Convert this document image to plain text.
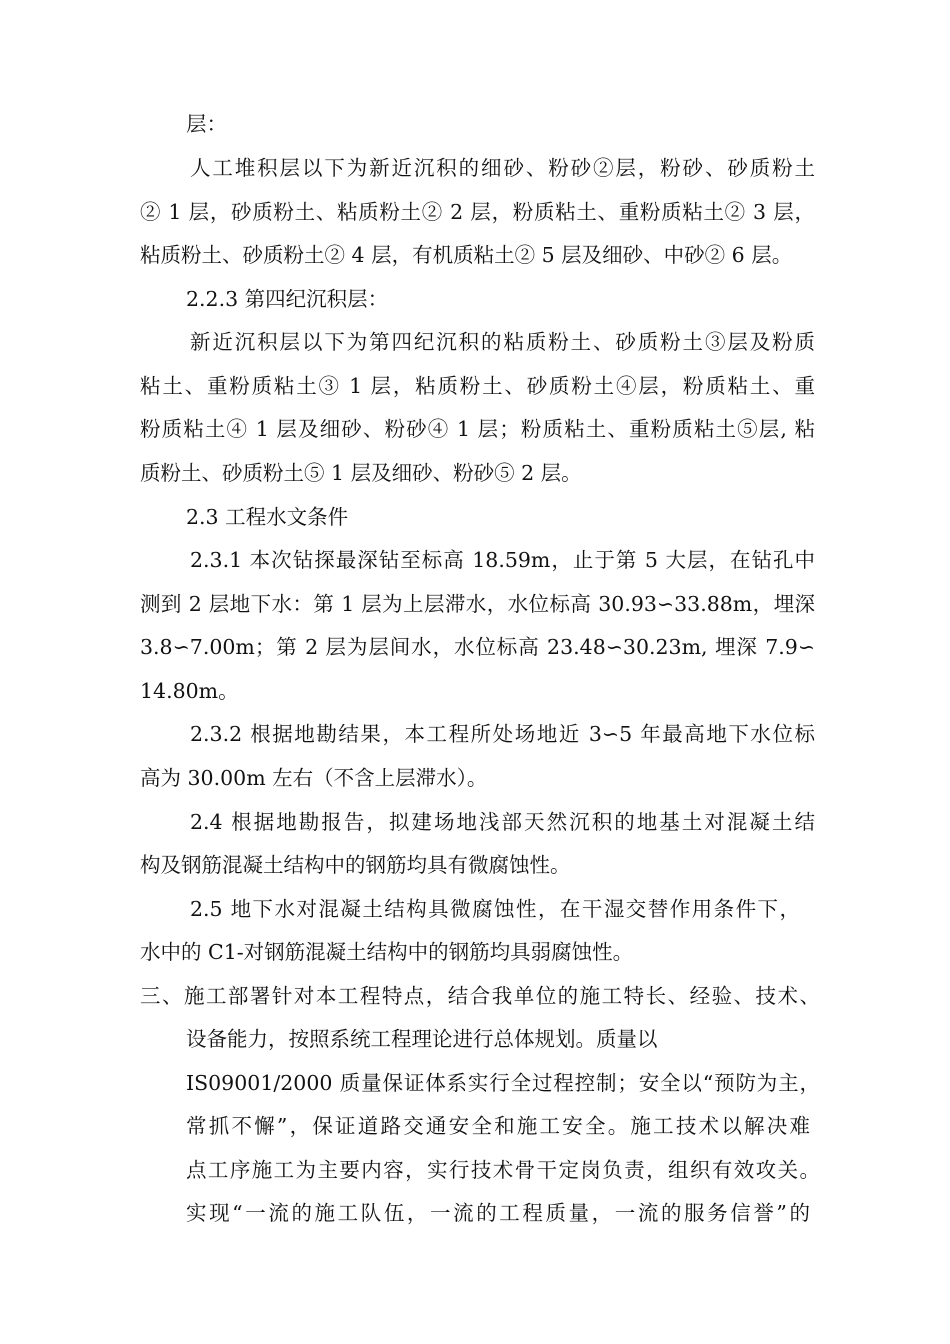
层：
人工堆积层以下为新近沉积的细砂、粉砂②层，粉砂、砂质粉土
② 1 层，砂质粉土、粘质粉土② 2 层，粉质粘土、重粉质粘土② 3 层，
粘质粉土、砂质粉土② 4 层，有机质粘土② 5 层及细砂、中砂② 6 层。
2.2.3 第四纪沉积层：
新近沉积层以下为第四纪沉积的粘质粉土、砂质粉土③层及粉质
粘土、重粉质粘土③ 1 层，粘质粉土、砂质粉土④层，粉质粘土、重
粉质粘土④ 1 层及细砂、粉砂④ 1 层；粉质粘土、重粉质粘土⑤层, 粘
质粉土、砂质粉土⑤ 1 层及细砂、粉砂⑤ 2 层。
2.3 工程水文条件
2.3.1 本次钻探最深钻至标高 18.59m，止于第 5 大层，在钻孔中
测到 2 层地下水：第 1 层为上层滞水，水位标高 30.93∽33.88m，埋深
3.8∽7.00m；第 2 层为层间水，水位标高 23.48∽30.23m, 埋深 7.9∽
14.80m。
2.3.2 根据地勘结果，本工程所处场地近 3∽5 年最高地下水位标
高为 30.00m 左右（不含上层滞水）。
2.4 根据地勘报告，拟建场地浅部天然沉积的地基土对混凝土结
构及钢筋混凝土结构中的钢筋均具有微腐蚀性。
2.5 地下水对混凝土结构具微腐蚀性，在干湿交替作用条件下，
水中的 C1-对钢筋混凝土结构中的钢筋均具弱腐蚀性。
三、施工部署针对本工程特点，结合我单位的施工特长、经验、技术、
设备能力，按照系统工程理论进行总体规划。质量以
IS09001/2000 质量保证体系实行全过程控制；安全以“预防为主，
常抓不懈”，保证道路交通安全和施工安全。施工技术以解决难
点工序施工为主要内容，实行技术骨干定岗负责，组织有效攻关。
实现“一流的施工队伍，一流的工程质量，一流的服务信誉”的
